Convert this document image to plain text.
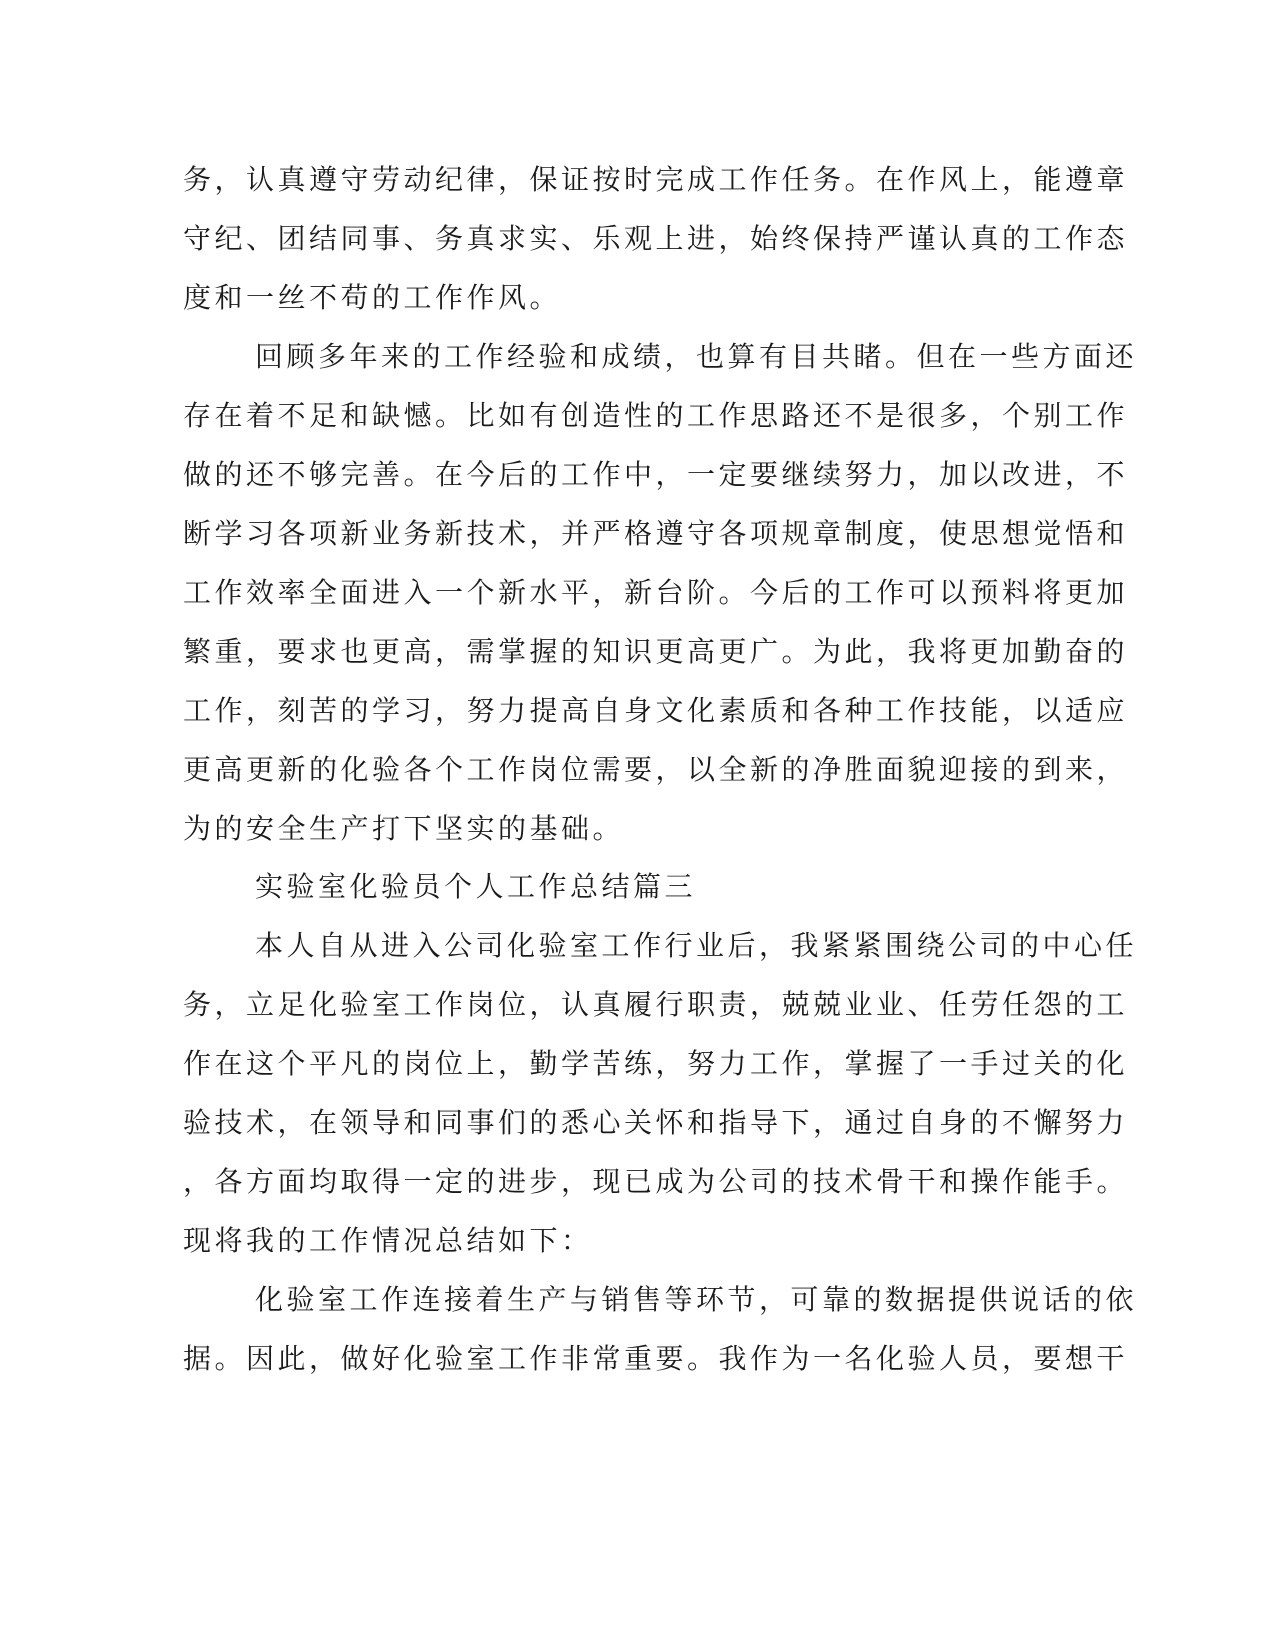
务，认真遵守劳动纪律，保证按时完成工作任务。在作风上，能遵章
守纪、团结同事、务真求实、乐观上进，始终保持严谨认真的工作态
度和一丝不苟的工作作风。
回顾多年来的工作经验和成绩，也算有目共睹。但在一些方面还
存在着不足和缺憾。比如有创造性的工作思路还不是很多，个别工作
做的还不够完善。在今后的工作中，一定要继续努力，加以改进，不
断学习各项新业务新技术，并严格遵守各项规章制度，使思想觉悟和
工作效率全面进入一个新水平，新台阶。今后的工作可以预料将更加
繁重，要求也更高，需掌握的知识更高更广。为此，我将更加勤奋的
工作，刻苦的学习，努力提高自身文化素质和各种工作技能，以适应
更高更新的化验各个工作岗位需要，以全新的净胜面貌迎接的到来，
为的安全生产打下坚实的基础。
实验室化验员个人工作总结篇三
本人自从进入公司化验室工作行业后，我紧紧围绕公司的中心任
务，立足化验室工作岗位，认真履行职责，兢兢业业、任劳任怨的工
作在这个平凡的岗位上，勤学苦练，努力工作，掌握了一手过关的化
验技术，在领导和同事们的悉心关怀和指导下，通过自身的不懈努力
，各方面均取得一定的进步，现已成为公司的技术骨干和操作能手。
现将我的工作情况总结如下：
化验室工作连接着生产与销售等环节，可靠的数据提供说话的依
据。因此，做好化验室工作非常重要。我作为一名化验人员，要想干
